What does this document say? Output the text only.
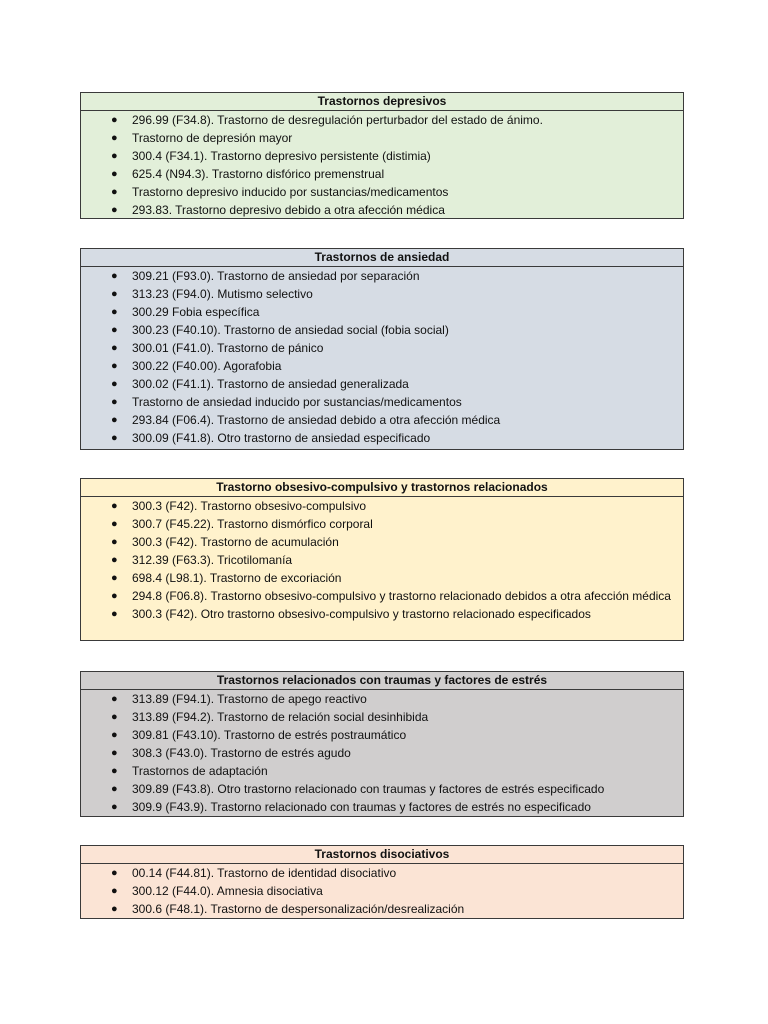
Trastornos depresivos
● 296.99 (F34.8). Trastorno de desregulación perturbador del estado de ánimo.
● Trastorno de depresión mayor
● 300.4 (F34.1). Trastorno depresivo persistente (distimia)
● 625.4 (N94.3). Trastorno disfórico premenstrual
● Trastorno depresivo inducido por sustancias/medicamentos
● 293.83. Trastorno depresivo debido a otra afección médica
Trastornos de ansiedad
● 309.21 (F93.0). Trastorno de ansiedad por separación
● 313.23 (F94.0). Mutismo selectivo
● 300.29 Fobia específica
● 300.23 (F40.10). Trastorno de ansiedad social (fobia social)
● 300.01 (F41.0). Trastorno de pánico
● 300.22 (F40.00). Agorafobia
● 300.02 (F41.1). Trastorno de ansiedad generalizada
● Trastorno de ansiedad inducido por sustancias/medicamentos
● 293.84 (F06.4). Trastorno de ansiedad debido a otra afección médica
● 300.09 (F41.8). Otro trastorno de ansiedad especificado
Trastorno obsesivo-compulsivo y trastornos relacionados
● 300.3 (F42). Trastorno obsesivo-compulsivo
● 300.7 (F45.22). Trastorno dismórfico corporal
● 300.3 (F42). Trastorno de acumulación
● 312.39 (F63.3). Tricotilomanía
● 698.4 (L98.1). Trastorno de excoriación
● 294.8 (F06.8). Trastorno obsesivo-compulsivo y trastorno relacionado debidos a otra afección médica
● 300.3 (F42). Otro trastorno obsesivo-compulsivo y trastorno relacionado especificados
Trastornos relacionados con traumas y factores de estrés
● 313.89 (F94.1). Trastorno de apego reactivo
● 313.89 (F94.2). Trastorno de relación social desinhibida
● 309.81 (F43.10). Trastorno de estrés postraumático
● 308.3 (F43.0). Trastorno de estrés agudo
● Trastornos de adaptación
● 309.89 (F43.8). Otro trastorno relacionado con traumas y factores de estrés especificado
● 309.9 (F43.9). Trastorno relacionado con traumas y factores de estrés no especificado
Trastornos disociativos
● 00.14 (F44.81). Trastorno de identidad disociativo
● 300.12 (F44.0). Amnesia disociativa
● 300.6 (F48.1). Trastorno de despersonalización/desrealización
